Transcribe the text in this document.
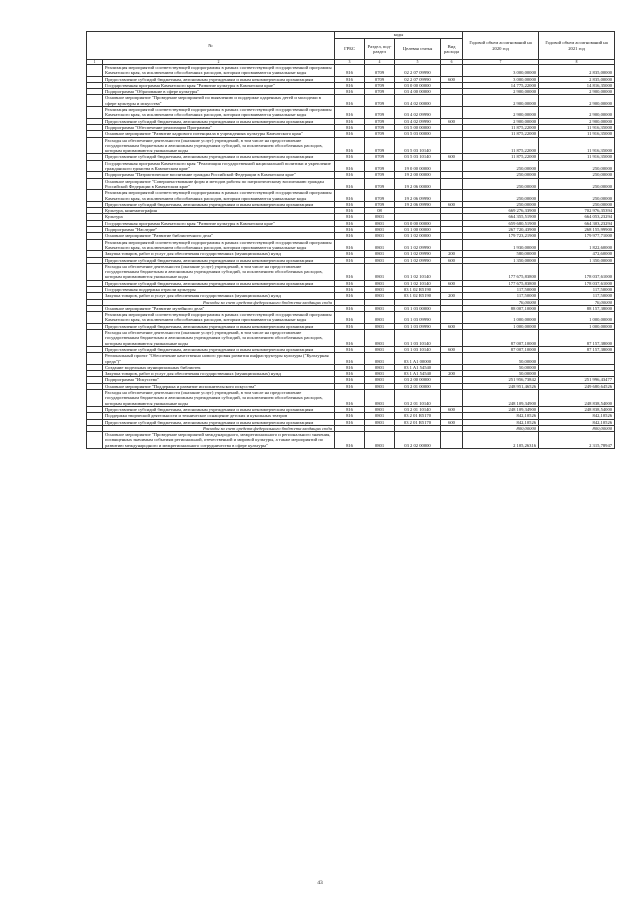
№		коды				Годовой объем ассигнований на 2020 год	Годовой объем ассигнований на 2021 год
		ГРБС	Раздел, под-раздел	Целевая статья	Вид расхода		
1	2	3	4	5	6	7	8
	Реализация мероприятий соответствующей подпрограммы в рамках соответствующей государственной программы Камчатского края, за исключением обособленных расходов, которым присваиваются уникальные коды	816	0709	02 2 07 09990		3 000,00000	2 835,00000
	Предоставление субсидий бюджетным, автономным учреждениям и иным некоммерческим организациям	816	0709	02 2 07 09990	600	3 000,00000	2 835,00000
	Государственная программа Камчатского края "Развитие культуры в Камчатском крае"	816	0709	03 0 00 00000		14 775,22000	14 816,35000
	Подпрограмма "Образование в сфере культуры"	816	0709	03 4 00 00000		2 900,00000	2 900,00000
	Основное мероприятие "Проведение мероприятий по выявлению и поддержке одаренных детей и молодежи в сфере культуры и искусства"	816	0709	03 4 02 00000		2 900,00000	2 900,00000
	Реализация мероприятий соответствующей подпрограммы в рамках соответствующей государственной программы Камчатского края, за исключением обособленных расходов, которым присваиваются уникальные коды	816	0709	03 4 02 09990		2 900,00000	2 900,00000
	Предоставление субсидий бюджетным, автономным учреждениям и иным некоммерческим организациям	816	0709	03 4 02 09990	600	2 900,00000	2 900,00000
	Подпрограмма "Обеспечение реализации Программы"	816	0709	03 5 00 00000		11 875,22000	11 916,35000
	Основное мероприятие "Развитие кадрового потенциала в учреждениях культуры Камчатского края"	816	0709	03 5 03 00000		11 875,22000	11 916,35000
	Расходы на обеспечение деятельности (оказание услуг) учреждений, в том числе на предоставление государственным бюджетным и автономным учреждениям субсидий, за исключением обособленных расходов, которым присваиваются уникальные коды	816	0709	03 5 03 10140		11 875,22000	11 916,35000
	Предоставление субсидий бюджетным, автономным учреждениям и иным некоммерческим организациям	816	0709	03 5 03 10140	600	11 875,22000	11 916,35000
	Государственная программа Камчатского края "Реализация государственной национальной политики и укрепление гражданского единства в Камчатском крае"	816	0709	19 0 00 00000		250,00000	250,00000
	Подпрограмма "Патриотическое воспитание граждан Российской Федерации в Камчатском крае"	816	0709	19 2 00 00000		250,00000	250,00000
	Основное мероприятие "Совершенствование форм и методов работы по патриотическому воспитанию граждан Российской Федерации в Камчатском крае"	816	0709	19 2 06 00000		250,00000	250,00000
	Реализация мероприятий соответствующей подпрограммы в рамках соответствующей государственной программы Камчатского края, за исключением обособленных расходов, которым присваиваются уникальные коды	816	0709	19 2 06 09990		250,00000	250,00000
	Предоставление субсидий бюджетным, автономным учреждениям и иным некоммерческим организациям	816	0709	19 2 06 09990	600	250,00000	250,00000
	Культура, кинематография	816	08			669 276,33900	702 976,35394
	Культура	816	0801			664 355,51900	664 053,23294
	Государственная программа Камчатского края "Развитие культуры в Камчатском крае"	816	0801	03 0 00 00000		659 680,51900	664 303,23294
	Подпрограмма "Наследие"	816	0801	03 1 00 00000		267 720,43900	268 155,99900
	Основное мероприятие "Развитие библиотечного дела"	816	0801	03 1 02 00000		179 723,21900	179 977,71000
	Реализация мероприятий соответствующей подпрограммы в рамках соответствующей государственной программы Камчатского края, за исключением обособленных расходов, которым присваиваются уникальные коды	816	0801	03 1 02 09990		1 930,00000	1 822,60000
	Закупка товаров, работ и услуг для обеспечения государственных (муниципальных) нужд	816	0801	03 1 02 09990	200	580,00000	472,60000
	Предоставление субсидий бюджетным, автономным учреждениям и иным некоммерческим организациям	816	0801	03 1 02 09990	600	1 350,00000	1 350,00000
	Расходы на обеспечение деятельности (оказание услуг) учреждений, в том числе на предоставление государственным бюджетным и автономным учреждениям субсидий, за исключением обособленных расходов, которым присваиваются уникальные коды	816	0801	03 1 02 10140		177 675,83800	178 037,61000
	Предоставление субсидий бюджетным, автономным учреждениям и иным некоммерческим организациям	816	0801	03 1 02 10140	600	177 675,83800	178 037,61000
	Государственная поддержка отрасли культуры	816	0801	03 1 02 R5190		117,50000	117,50000
	Закупка товаров, работ и услуг для обеспечения государственных (муниципальных) нужд	816	0801	03 1 02 R5190	200	117,50000	117,50000
	Расходы за счет средств федерального бюджета входящих сюда					76,00000	76,00000
	Основное мероприятие "Развитие музейного дела"	816	0801	03 1 03 00000		88 007,10000	88 157,38000
	Реализация мероприятий соответствующей подпрограммы в рамках соответствующей государственной программы Камчатского края, за исключением обособленных расходов, которым присваиваются уникальные коды	816	0801	03 1 03 09990		1 000,00000	1 000,00000
	Предоставление субсидий бюджетным, автономным учреждениям и иным некоммерческим организациям	816	0801	03 1 03 09990	600	1 000,00000	1 000,00000
	Расходы на обеспечение деятельности (оказание услуг) учреждений, в том числе на предоставление государственным бюджетным и автономным учреждениям субсидий, за исключением обособленных расходов, которым присваиваются уникальные коды	816	0801	03 1 03 10140		87 007,10000	87 157,38000
	Предоставление субсидий бюджетным, автономным учреждениям и иным некоммерческим организациям	816	0801	03 1 03 10140	600	87 007,10000	87 157,38000
	Региональный проект "Обеспечение качественно нового уровня развития инфраструктуры культуры ("Культурная среда")"	816	0801	03 1 A1 00000		50,00000	
	Создание модельных муниципальных библиотек	816	0801	03 1 A1 54540		50,00000	
	Закупка товаров, работ и услуг для обеспечения государственных (муниципальных) нужд	816	0801	03 1 A1 54540	200	50,00000	
	Подпрограмма "Искусство"	816	0801	03 2 00 00000		251 956,73842	251 996,43477
	Основное мероприятие "Поддержка и развитие исполнительского искусства"	816	0801	03 2 01 00000		248 951,46526	249 680,64526
	Расходы на обеспечение деятельности (оказание услуг) учреждений, в том числе на предоставление государственным бюджетным и автономным учреждениям субсидий, за исключением обособленных расходов, которым присваиваются уникальные коды	816	0801	03 2 01 10140		248 109,34900	248 838,54000
	Предоставление субсидий бюджетным, автономным учреждениям и иным некоммерческим организациям	816	0801	03 2 01 10140	600	248 109,34900	248 838,54000
	Поддержка творческой деятельности и техническое оснащение детских и кукольных театров	816	0801	03 2 01 R5170		842,10526	842,10526
	Предоставление субсидий бюджетным, автономным учреждениям и иным некоммерческим организациям	816	0801	03 2 01 R5170	600	842,10526	842,10526
	Расходы за счет средств федерального бюджета входящих сюда					800,00000	800,00000
	Основное мероприятие "Проведение мероприятий международного, межрегионального и регионального значения, посвященных значимым событиям региональной, отечественной и мировой культуры, а также мероприятий по развитию международного и межрегионального сотрудничества в сфере культуры"	816	0801	03 2 02 00000		2 105,26316	2 315,78947
43
